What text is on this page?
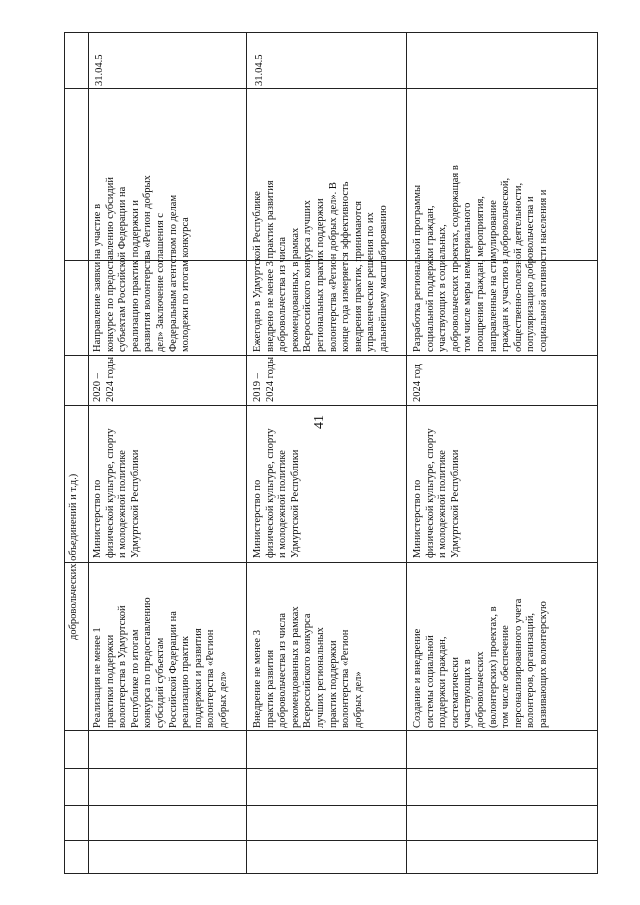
41
добровольческих объединений и т.д.)
Реализация не менее 1
практики поддержки
волонтерства в Удмуртской
Республике по итогам
конкурса по предоставлению
субсидий субъектам
Российской Федерации на
реализацию практик
поддержки и развития
волонтерства «Регион
добрых дел»
Министерство по
физической культуре, спорту
и молодежной политике
Удмуртской Республики
2020 –
2024 годы
Направление заявки на участие в
конкурсе по предоставлению субсидий
субъектам Российской Федерации на
реализацию практик поддержки и
развития волонтерства «Регион добрых
дел» Заключение соглашения с
Федеральным агентством по делам
молодежи по итогам конкурса
31.04.5
Внедрение не менее 3
практик развития
добровольчества из числа
рекомендованных в рамках
Всероссийского конкурса
лучших региональных
практик поддержки
волонтерства «Регион
добрых дел»
Министерство по
физической культуре, спорту
и молодежной политике
Удмуртской Республики
2019 –
2024 годы
Ежегодно в Удмуртской Республике
внедрено не менее 3 практик развития
добровольчества из числа
рекомендованных, в рамках
Всероссийского конкурса лучших
региональных практик поддержки
волонтерства «Регион добрых дел». В
конце года измеряется эффективность
внедрения практик, принимаются
управленческие решения по их
дальнейшему масштабированию
31.04.5
Создание и внедрение
системы социальной
поддержки граждан,
систематически
участвующих в
добровольческих
(волонтерских) проектах, в
том числе обеспечение
персонализированного учета
волонтеров, организаций,
развивающих волонтерскую
Министерство по
физической культуре, спорту
и молодежной политике
Удмуртской Республики
2024 год
Разработка региональной программы
социальной поддержки граждан,
участвующих в социальных,
добровольческих проектах, содержащая в
том числе меры нематериального
поощрения граждан, мероприятия,
направленные на стимулирование
граждан к участию в добровольческой,
общественно-полезной деятельности,
популяризацию добровольчества и
социальной активности населения и
